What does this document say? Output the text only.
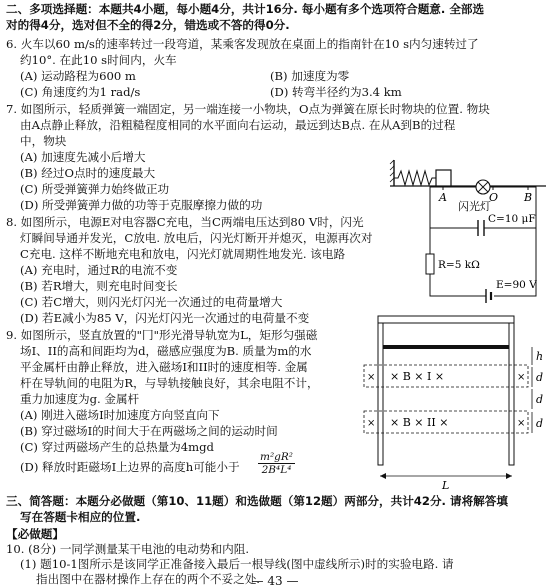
二、多项选择题：本题共4小题，每小题4分，共计16分. 每小题有多个选项符合题意. 全部选
对的得4分，选对但不全的得2分，错选或不答的得0分.
6. 火车以60 m/s的速率转过一段弯道，某乘客发现放在桌面上的指南针在10 s内匀速转过了
约10°. 在此10 s时间内，火车
(A) 运动路程为600 m	(B) 加速度为零
(C) 角速度约为1 rad/s	(D) 转弯半径约为3.4 km
7. 如图所示，轻质弹簧一端固定，另一端连接一小物块，O点为弹簧在原长时物块的位置. 物块
由A点静止释放，沿粗糙程度相同的水平面向右运动，最远到达B点. 在从A到B的过程
中，物块
(A) 加速度先减小后增大
(B) 经过O点时的速度最大
(C) 所受弹簧弹力始终做正功
(D) 所受弹簧弹力做的功等于克服摩擦力做的功
A	O B
8. 如图所示，电源E对电容器C充电，当C两端电压达到80 V时，闪光
灯瞬间导通并发光，C放电. 放电后，闪光灯断开并熄灭，电源再次对
C充电. 这样不断地充电和放电，闪光灯就周期性地发光. 该电路
(A) 充电时，通过R的电流不变
(B) 若R增大，则充电时间变长
(C) 若C增大，则闪光灯闪光一次通过的电荷量增大
(D) 若E减小为85 V，闪光灯闪光一次通过的电荷量不变
闪光灯
C=10 μF
R=5 kΩ
E=90 V
9. 如图所示，竖直放置的"冂"形光滑导轨宽为L，矩形匀强磁
场I、II的高和间距均为d，磁感应强度为B. 质量为m的水
平金属杆由静止释放，进入磁场I和II时的速度相等. 金属
杆在导轨间的电阻为R，与导轨接触良好，其余电阻不计，
重力加速度为g. 金属杆
(A) 刚进入磁场I时加速度方向竖直向下
(B) 穿过磁场I的时间大于在两磁场之间的运动时间
(C) 穿过两磁场产生的总热量为4mgd
(D) 释放时距磁场I上边界的高度h可能小于 $\frac{\text{m²gR²}}{\text{2B⁴L⁴}}$
× B × I ×
×	×
× B × II ×
×	×
h
d
d
d
L
三、简答题：本题分必做题（第10、11题）和选做题（第12题）两部分，共计42分. 请将解答填
写在答题卡相应的位置.
【必做题】
10. (8分) 一同学测量某干电池的电动势和内阻.
(1) 题10-1图所示是该同学正准备接入最后一根导线(图中虚线所示)时的实验电路. 请
指出图中在器材操作上存在的两个不妥之处.
— 43 —
